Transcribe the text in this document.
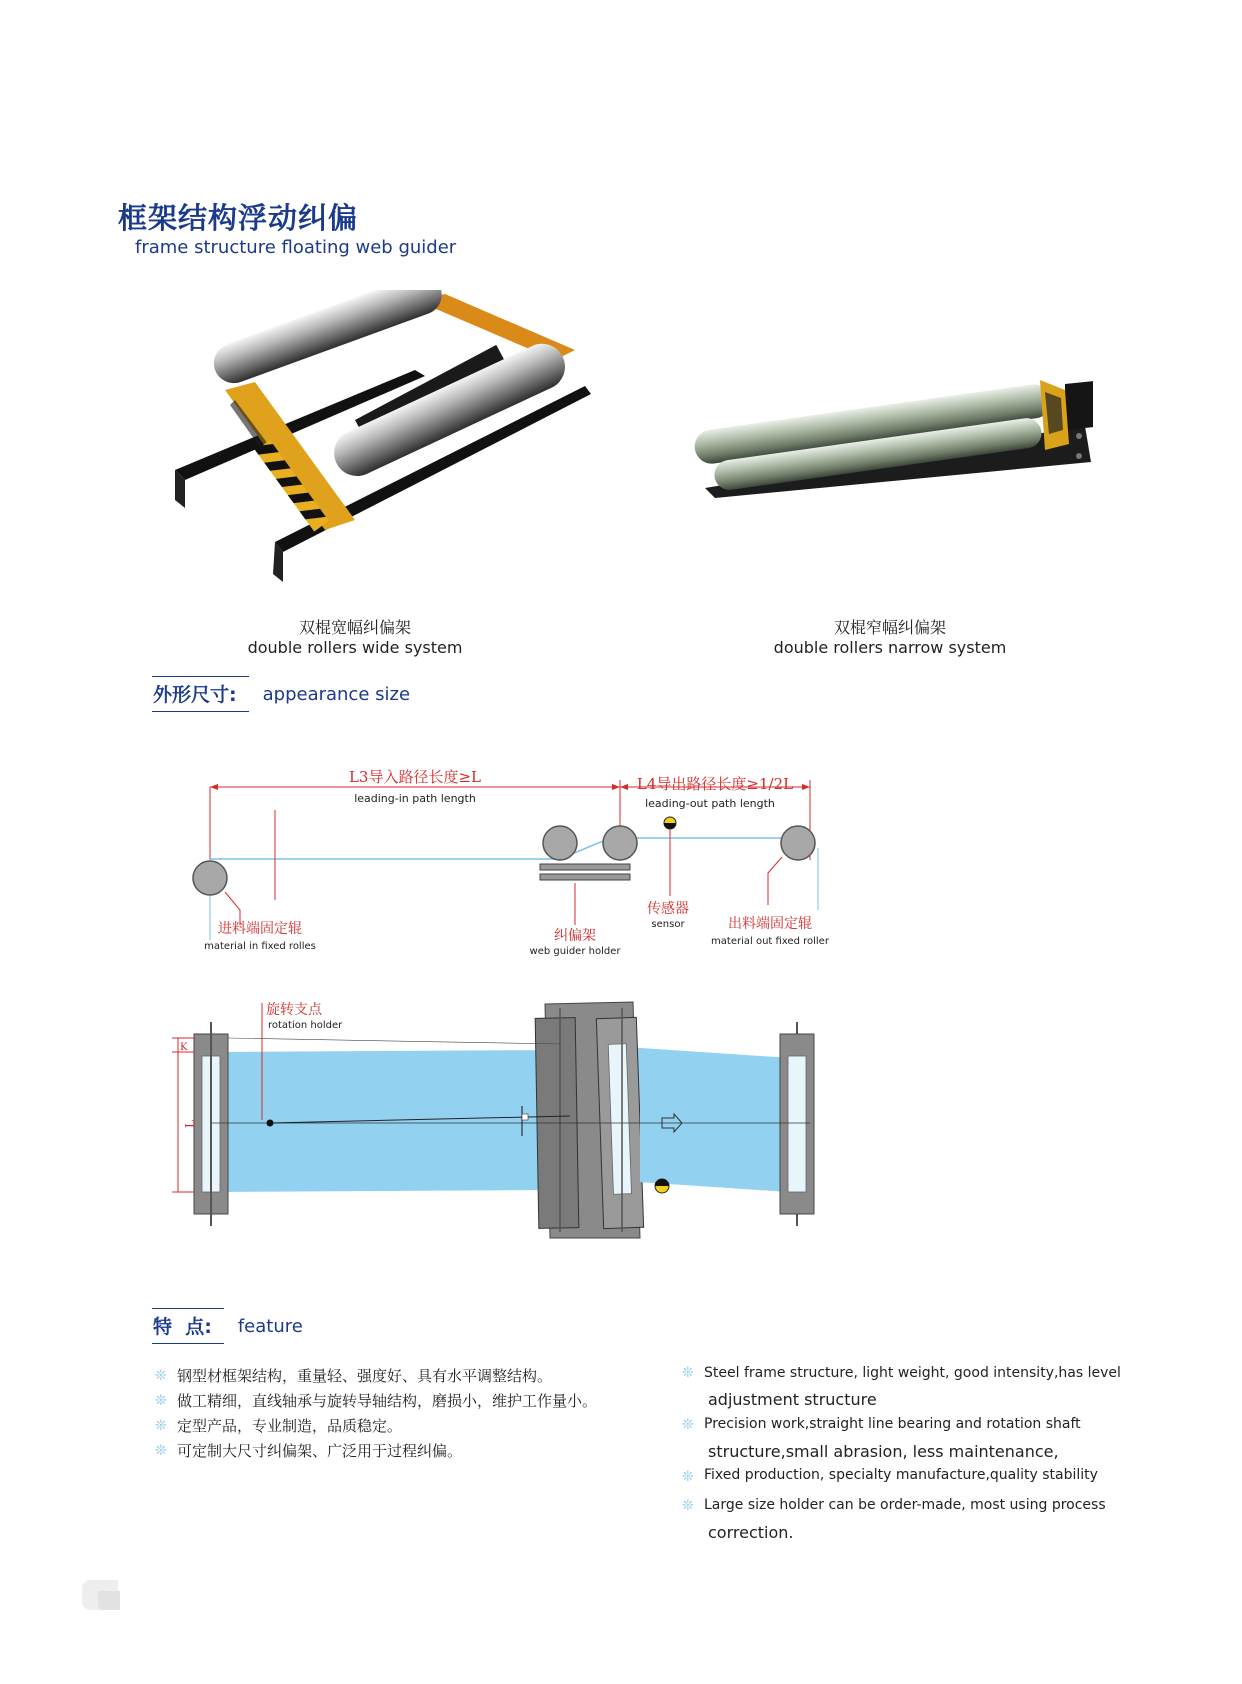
框架结构浮动纠偏
frame structure floating web guider
双棍宽幅纠偏架
double rollers wide system
双棍窄幅纠偏架
double rollers narrow system
外形尺寸:	appearance size
L3导入路径长度≥L
leading-in path length
L4导出路径长度≥1/2L
leading-out path length
传感器
sensor
进料端固定辊
material in fixed rolles
纠偏架
web guider holder
出料端固定辊
material out fixed roller
K
L
旋转支点
rotation holder
特  点:	feature
❊ 钢型材框架结构，重量轻、强度好、具有水平调整结构。
❊ 做工精细，直线轴承与旋转导轴结构，磨损小，维护工作量小。
❊ 定型产品，专业制造，品质稳定。
❊ 可定制大尺寸纠偏架、广泛用于过程纠偏。
❊ Steel frame structure, light weight, good intensity,has level
adjustment structure
❊ Precision work,straight line bearing and rotation shaft
structure,small abrasion, less maintenance,
❊ Fixed production, specialty manufacture,quality stability
❊ Large size holder can be order-made, most using process
correction.
